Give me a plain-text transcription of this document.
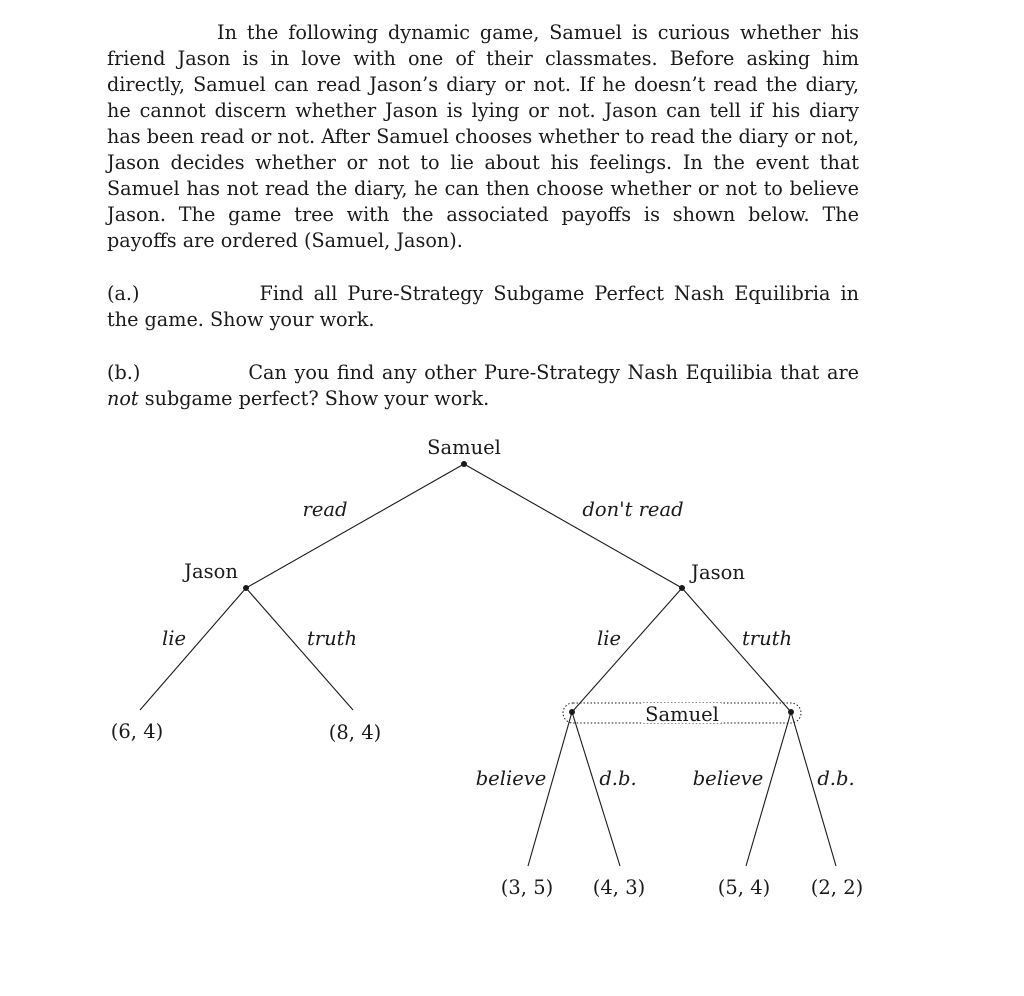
In the following dynamic game, Samuel is curious whether his friend Jason is in love with one of their classmates. Before asking him directly, Samuel can read Jason’s diary or not. If he doesn’t read the diary, he cannot discern whether Jason is lying or not. Jason can tell if his diary has been read or not. After Samuel chooses whether to read the diary or not, Jason decides whether or not to lie about his feelings. In the event that Samuel has not read the diary, he can then choose whether or not to believe Jason. The game tree with the associated payoffs is shown below. The payoffs are ordered (Samuel, Jason).

(a.)	Find all Pure-Strategy Subgame Perfect Nash Equilibria in the game. Show your work.

(b.)	Can you find any other Pure-Strategy Nash Equilibia that are not subgame perfect? Show your work.

Samuel
Jason	Jason
Samuel
read	don't read
lie	truth	lie	truth
believe	d.b.	believe	d.b.
(6, 4)	(8, 4)
(3, 5) (4, 3)	(5, 4) (2, 2)
